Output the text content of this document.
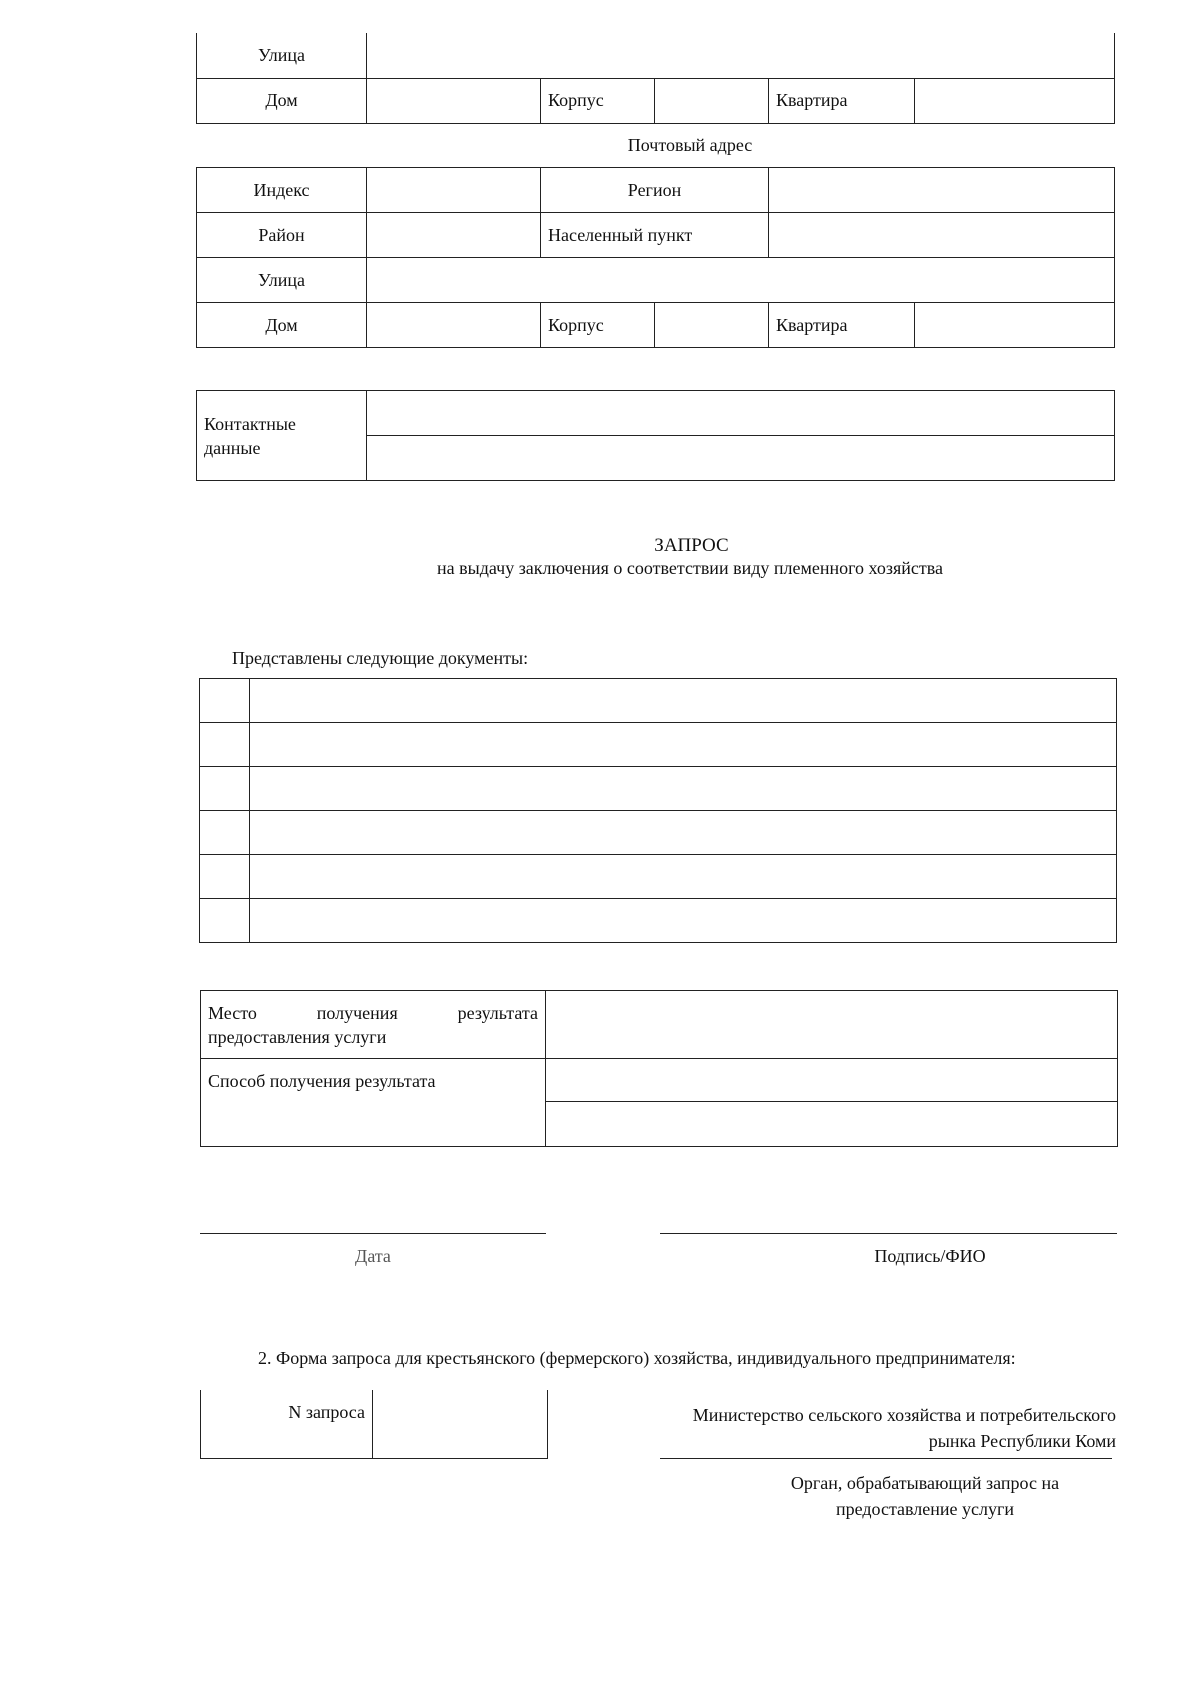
Улица					
Дом		Корпус		Квартира	
Почтовый адрес
Индекс		Регион			
Район		Населенный пункт			
Улица					
Дом		Корпус		Квартира	
Контактные данные	

ЗАПРОС
на выдачу заключения о соответствии виду племенного хозяйства
Представлены следующие документы:

Место получения результата предоставления услуги	
Способ получения результата	

Дата	Подпись/ФИО
2. Форма запроса для крестьянского (фермерского) хозяйства, индивидуального предпринимателя:
N запроса		Министерство сельского хозяйства и потребительского рынка Республики Коми
Орган, обрабатывающий запрос на предоставление услуги
